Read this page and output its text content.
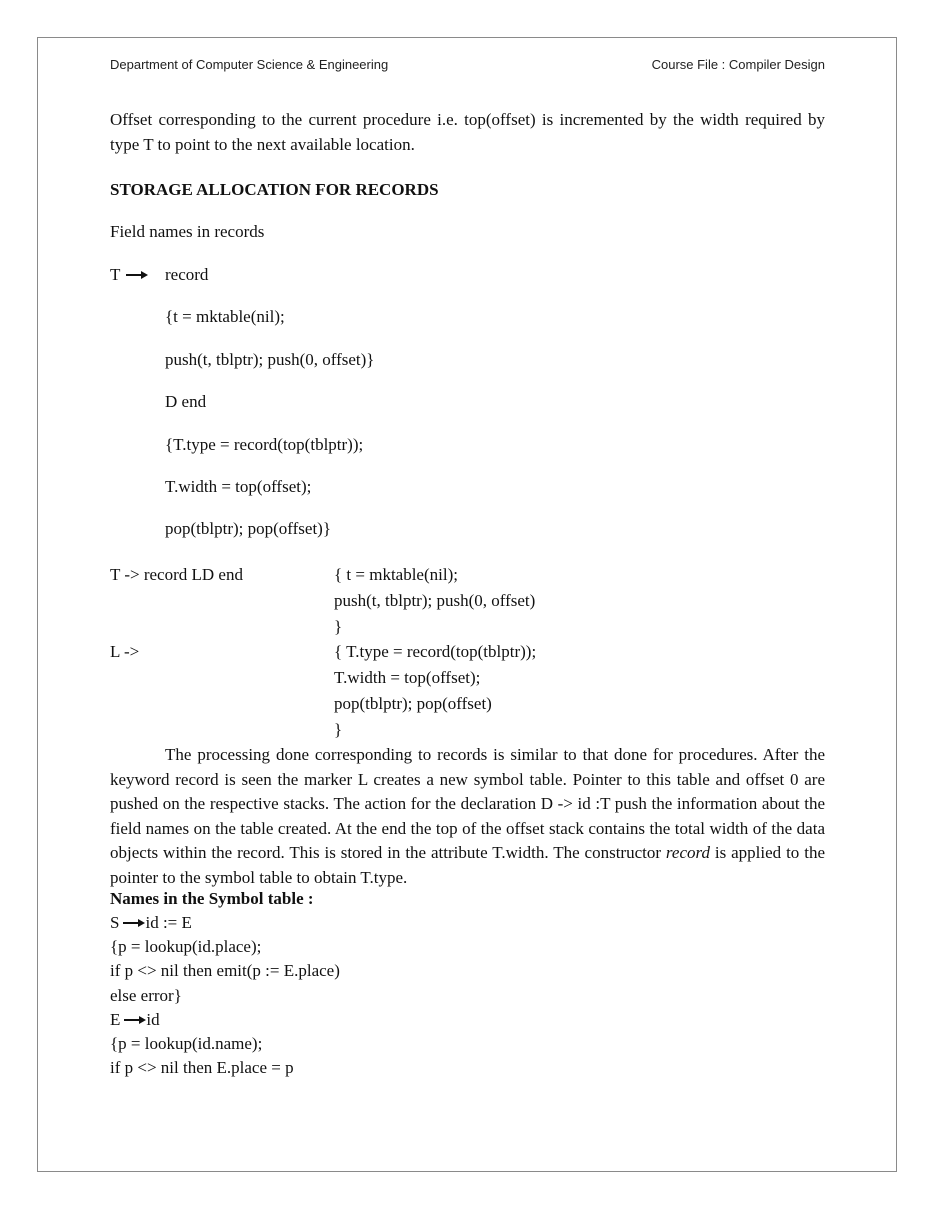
Department of Computer Science & Engineering	Course File : Compiler Design
Offset corresponding to the current procedure i.e. top(offset) is incremented by the width required by type T to point to the next available location.
STORAGE ALLOCATION FOR RECORDS
Field names in records
T	record
{t = mktable(nil);
push(t, tblptr); push(0, offset)}
D end
{T.type = record(top(tblptr));
T.width = top(offset);
pop(tblptr); pop(offset)}
T -> record LD end	{ t = mktable(nil);
push(t, tblptr); push(0, offset)
}
L ->	{ T.type = record(top(tblptr));
T.width = top(offset);
pop(tblptr); pop(offset)
}
The processing done corresponding to records is similar to that done for procedures. After the keyword record is seen the marker L creates a new symbol table. Pointer to this table and offset 0 are pushed on the respective stacks. The action for the declaration D -> id :T push the information about the field names on the table created. At the end the top of the offset stack contains the total width of the data objects within the record. This is stored in the attribute T.width. The constructor record is applied to the pointer to the symbol table to obtain T.type.
Names in the Symbol table :
S id := E
{p = lookup(id.place);
if p <> nil then emit(p := E.place)
else error}
E id
{p = lookup(id.name);
if p <> nil then E.place = p
